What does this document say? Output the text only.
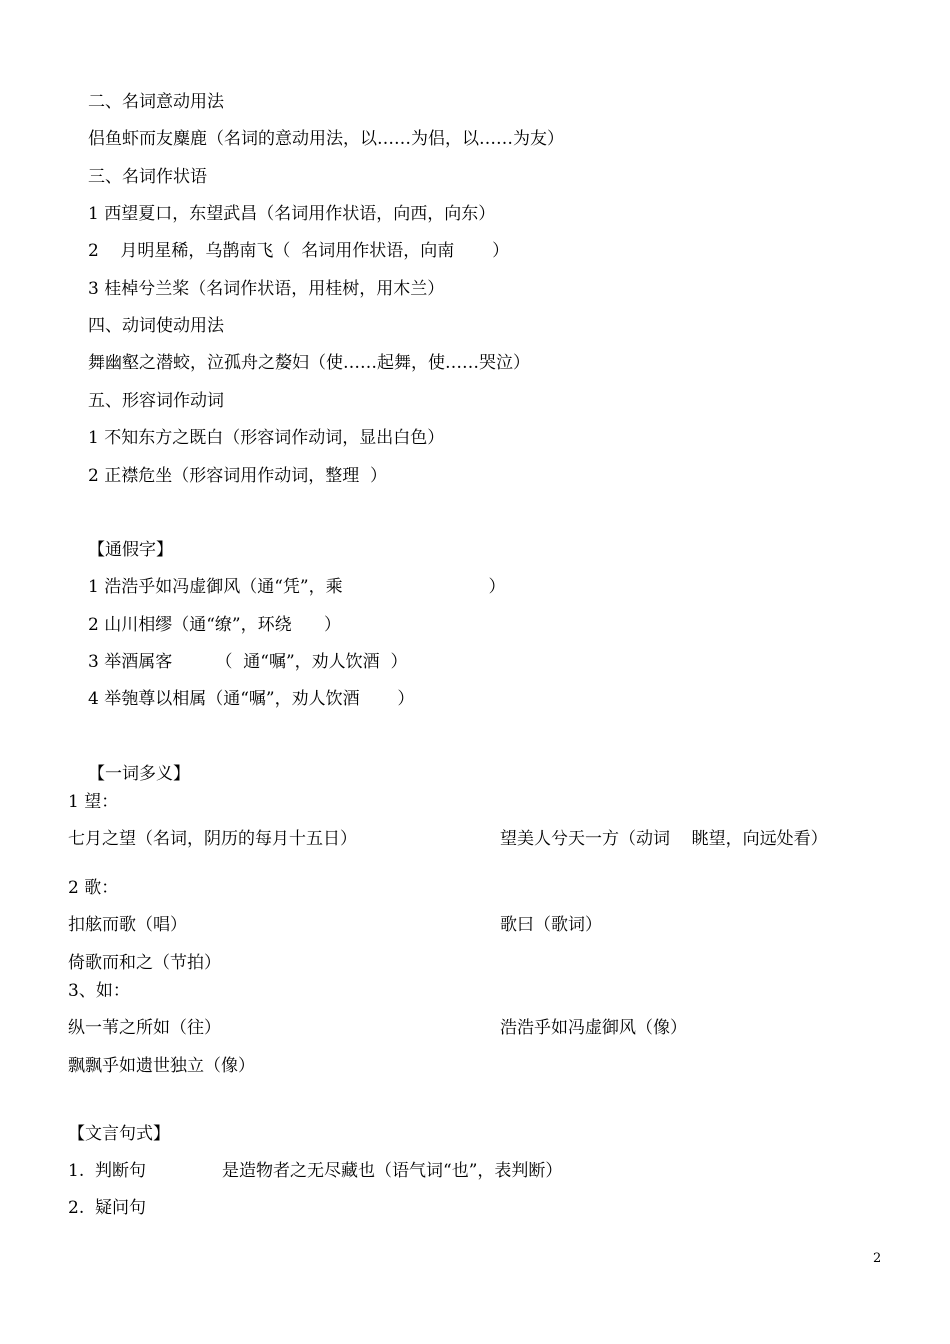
二、名词意动用法
侣鱼虾而友麋鹿（名词的意动用法，以……为侣，以……为友）
三、名词作状语
1 西望夏口，东望武昌（名词用作状语，向西，向东）
2    月明星稀，乌鹊南飞（  名词用作状语，向南       ）
3 桂棹兮兰桨（名词作状语，用桂树，用木兰）
四、动词使动用法
舞幽壑之潜蛟，泣孤舟之嫠妇（使……起舞，使……哭泣）
五、形容词作动词
1 不知东方之既白（形容词作动词，显出白色）
2 正襟危坐（形容词用作动词，整理  ）
【通假字】
1 浩浩乎如冯虚御风（通“凭”，乘                           ）
2 山川相缪（通“缭”，环绕      ）
3 举酒属客        （  通“嘱”，劝人饮酒  ）
4 举匏尊以相属（通“嘱”，劝人饮酒       ）
【一词多义】
1 望：
七月之望（名词，阴历的每月十五日）	望美人兮天一方（动词    眺望，向远处看）
2 歌：
扣舷而歌（唱）	歌曰（歌词）
倚歌而和之（节拍）
3、如：
纵一苇之所如（往）	浩浩乎如冯虚御风（像）
飘飘乎如遗世独立（像）
【文言句式】
1.  判断句	是造物者之无尽藏也（语气词“也”，表判断）
2.  疑问句
2
